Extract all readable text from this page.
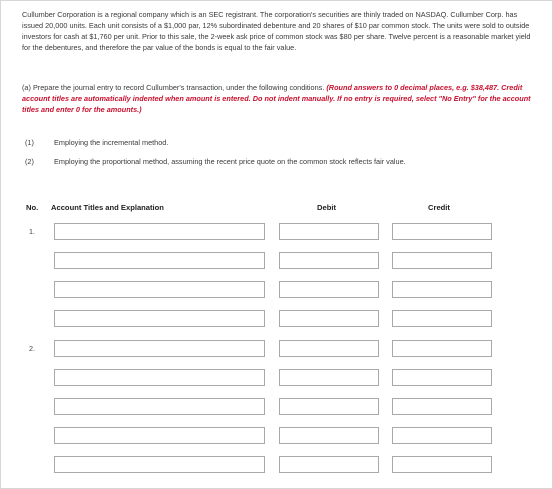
Cullumber Corporation is a regional company which is an SEC registrant. The corporation's securities are thinly traded on NASDAQ. Cullumber Corp. has issued 20,000 units. Each unit consists of a $1,000 par, 12% subordinated debenture and 20 shares of $10 par common stock. The units were sold to outside investors for cash at $1,760 per unit. Prior to this sale, the 2-week ask price of common stock was $80 per share. Twelve percent is a reasonable market yield for the debentures, and therefore the par value of the bonds is equal to the fair value.
(a) Prepare the journal entry to record Cullumber's transaction, under the following conditions. (Round answers to 0 decimal places, e.g. $38,487. Credit account titles are automatically indented when amount is entered. Do not indent manually. If no entry is required, select "No Entry" for the account titles and enter 0 for the amounts.)
(1)	Employing the incremental method.
(2)	Employing the proportional method, assuming the recent price quote on the common stock reflects fair value.
No. Account Titles and Explanation	Debit	Credit
1.
2.
